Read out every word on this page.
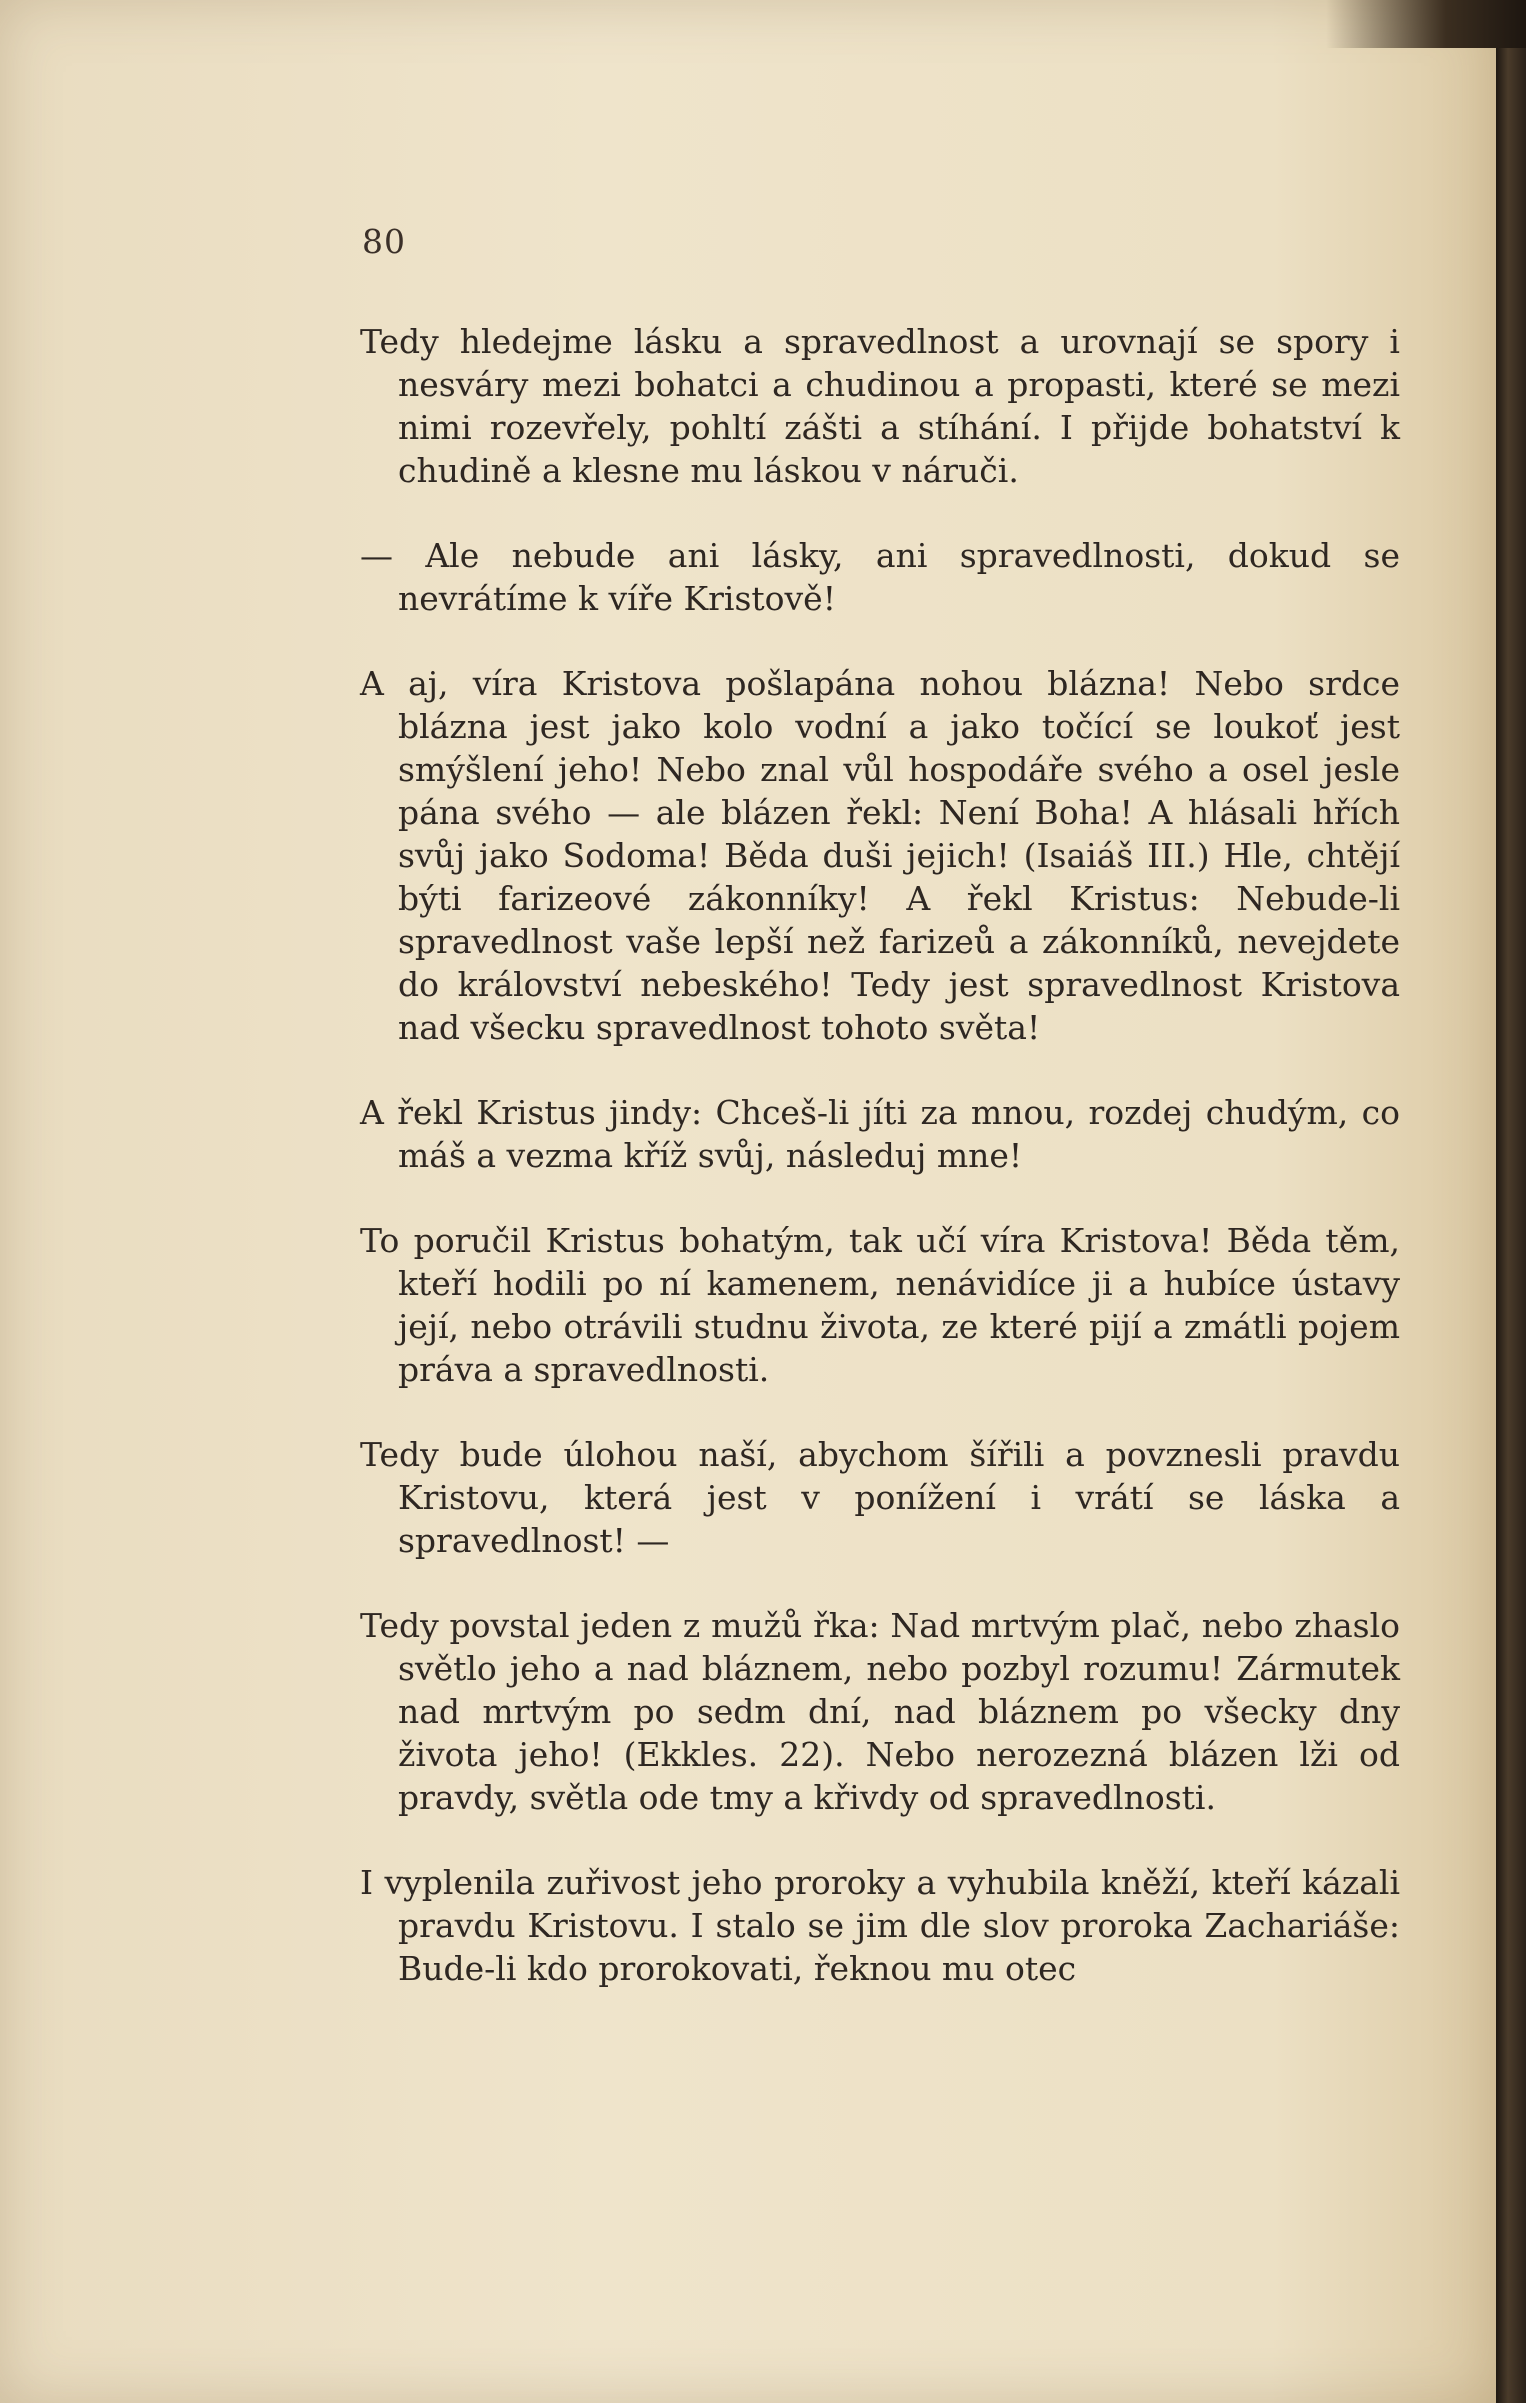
80

Tedy hledejme lásku a spravedlnost a urovnají se spory i nesváry mezi bohatci a chudinou a propasti, které se mezi nimi rozevřely, pohltí zášti a stíhání. I přijde bohatství k chudině a klesne mu láskou v náruči.

— Ale nebude ani lásky, ani spravedlnosti, dokud se nevrátíme k víře Kristově!

A aj, víra Kristova pošlapána nohou blázna! Nebo srdce blázna jest jako kolo vodní a jako točící se loukoť jest smýšlení jeho! Nebo znal vůl hospodáře svého a osel jesle pána svého — ale blázen řekl: Není Boha! A hlásali hřích svůj jako Sodoma! Běda duši jejich! (Isaiáš III.) Hle, chtějí býti farizeové zákonníky! A řekl Kristus: Nebude-li spravedlnost vaše lepší než farizeů a zákonníků, nevejdete do království nebeského! Tedy jest spravedlnost Kristova nad všecku spravedlnost tohoto světa!

A řekl Kristus jindy: Chceš-li jíti za mnou, rozdej chudým, co máš a vezma kříž svůj, následuj mne!

To poručil Kristus bohatým, tak učí víra Kristova! Běda těm, kteří hodili po ní kamenem, nenávidíce ji a hubíce ústavy její, nebo otrávili studnu života, ze které pijí a zmátli pojem práva a spravedlnosti.

Tedy bude úlohou naší, abychom šířili a povznesli pravdu Kristovu, která jest v ponížení i vrátí se láska a spravedlnost! —

Tedy povstal jeden z mužů řka: Nad mrtvým plač, nebo zhaslo světlo jeho a nad bláznem, nebo pozbyl rozumu! Zármutek nad mrtvým po sedm dní, nad bláznem po všecky dny života jeho! (Ekkles. 22). Nebo nerozezná blázen lži od pravdy, světla ode tmy a křivdy od spravedlnosti.

I vyplenila zuřivost jeho proroky a vyhubila kněží, kteří kázali pravdu Kristovu. I stalo se jim dle slov proroka Zachariáše: Bude-li kdo prorokovati, řeknou mu otec
